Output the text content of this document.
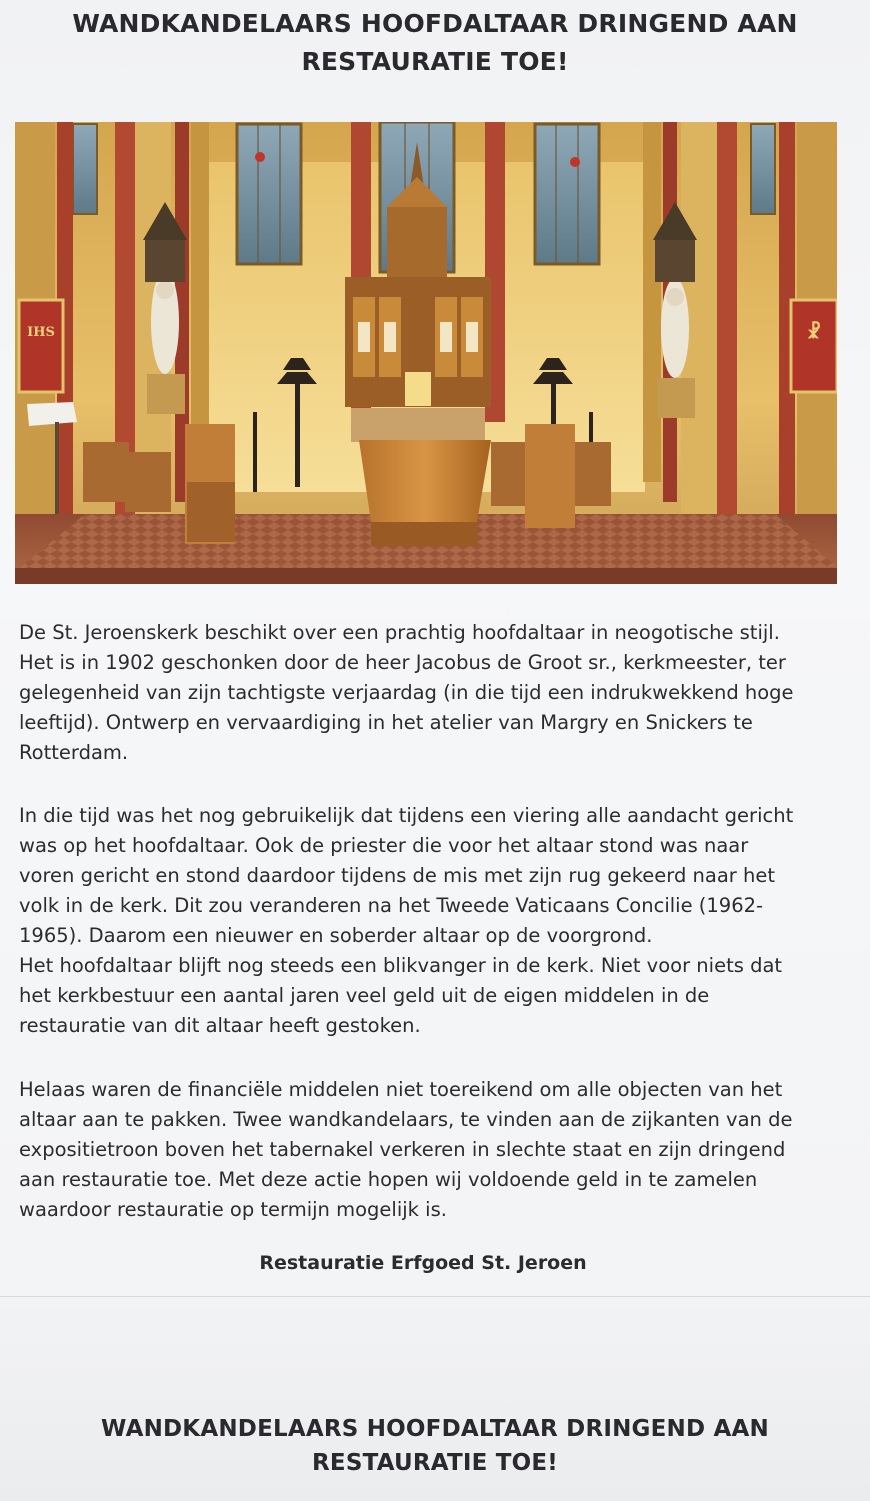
WANDKANDELAARS HOOFDALTAAR DRINGEND AAN
RESTAURATIE TOE!
IHS	☧
De St. Jeroenskerk beschikt over een prachtig hoofdaltaar in neogotische stijl.
Het is in 1902 geschonken door de heer Jacobus de Groot sr., kerkmeester, ter
gelegenheid van zijn tachtigste verjaardag (in die tijd een indrukwekkend hoge
leeftijd). Ontwerp en vervaardiging in het atelier van Margry en Snickers te
Rotterdam.
In die tijd was het nog gebruikelijk dat tijdens een viering alle aandacht gericht
was op het hoofdaltaar. Ook de priester die voor het altaar stond was naar
voren gericht en stond daardoor tijdens de mis met zijn rug gekeerd naar het
volk in de kerk. Dit zou veranderen na het Tweede Vaticaans Concilie (1962-
1965). Daarom een nieuwer en soberder altaar op de voorgrond.
Het hoofdaltaar blijft nog steeds een blikvanger in de kerk. Niet voor niets dat
het kerkbestuur een aantal jaren veel geld uit de eigen middelen in de
restauratie van dit altaar heeft gestoken.
Helaas waren de financiële middelen niet toereikend om alle objecten van het
altaar aan te pakken. Twee wandkandelaars, te vinden aan de zijkanten van de
expositietroon boven het tabernakel verkeren in slechte staat en zijn dringend
aan restauratie toe. Met deze actie hopen wij voldoende geld in te zamelen
waardoor restauratie op termijn mogelijk is.
Restauratie Erfgoed St. Jeroen
WANDKANDELAARS HOOFDALTAAR DRINGEND AAN
RESTAURATIE TOE!
